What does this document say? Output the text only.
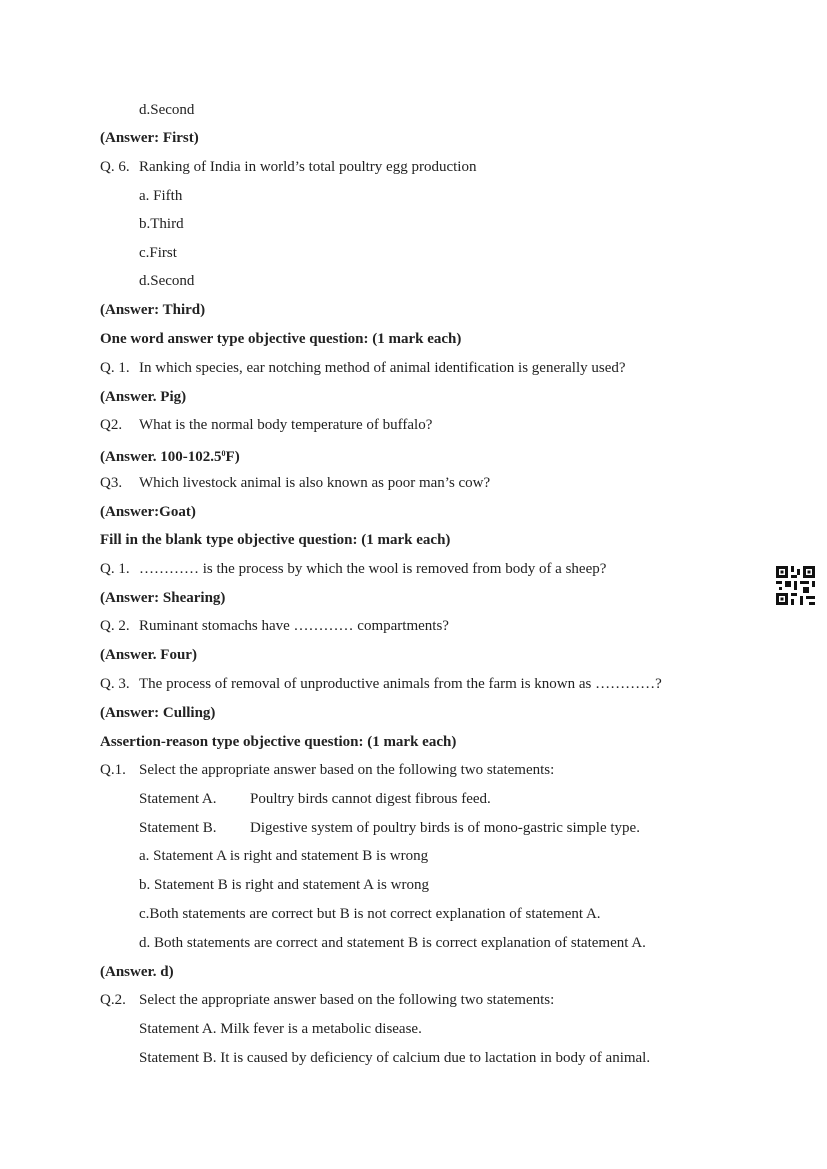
d.Second
(Answer: First)
Q. 6. Ranking of India in world’s total poultry egg production
a. Fifth
b.Third
c.First
d.Second
(Answer: Third)
One word answer type objective question: (1 mark each)
Q. 1. In which species, ear notching method of animal identification is generally used?
(Answer. Pig)
Q2. What is the normal body temperature of buffalo?
(Answer. 100-102.5$^0$F)
Q3. Which livestock animal is also known as poor man’s cow?
(Answer:Goat)
Fill in the blank type objective question: (1 mark each)
Q. 1. ………… is the process by which the wool is removed from body of a sheep?
(Answer: Shearing)
Q. 2. Ruminant stomachs have ………… compartments?
(Answer. Four)
Q. 3. The process of removal of unproductive animals from the farm is known as …………?
(Answer: Culling)
Assertion-reason type objective question: (1 mark each)
Q.1. Select the appropriate answer based on the following two statements:
Statement A. Poultry birds cannot digest fibrous feed.
Statement B. Digestive system of poultry birds is of mono-gastric simple type.
a. Statement A is right and statement B is wrong
b. Statement B is right and statement A is wrong
c.Both statements are correct but B is not correct explanation of statement A.
d. Both statements are correct and statement B is correct explanation of statement A.
(Answer. d)
Q.2. Select the appropriate answer based on the following two statements:
Statement A. Milk fever is a metabolic disease.
Statement B. It is caused by deficiency of calcium due to lactation in body of animal.
